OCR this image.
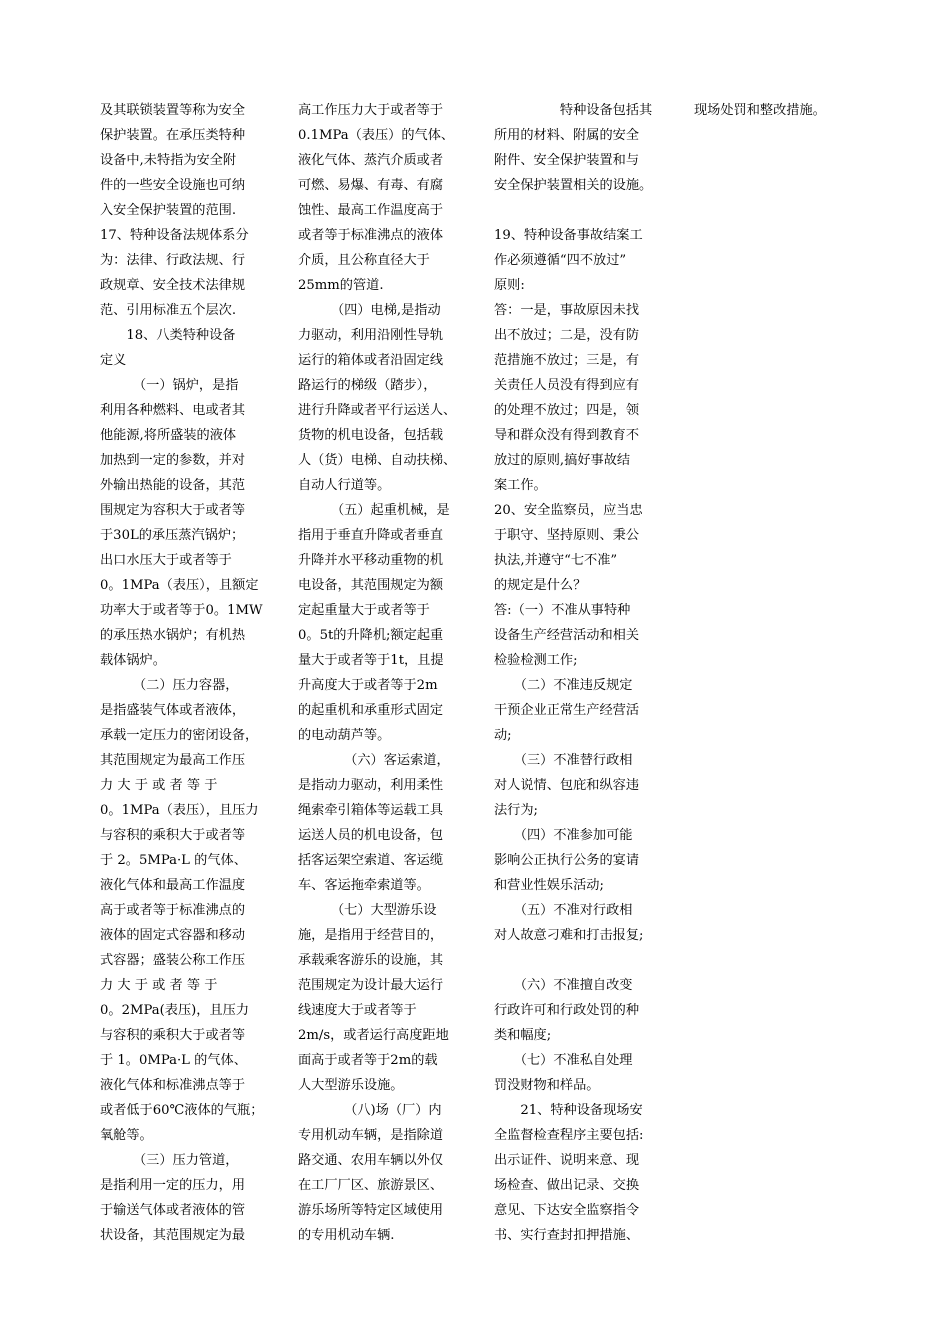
及其联锁装置等称为安全

保护装置。在承压类特种

设备中,未特指为安全附

件的一些安全设施也可纳

入安全保护装置的范围.

17、特种设备法规体系分

为：法律、行政法规、行

政规章、安全技术法律规

范、引用标准五个层次.

　　18、八类特种设备

定义

　　　（一）锅炉，是指

利用各种燃料、电或者其

他能源,将所盛装的液体

加热到一定的参数，并对

外输出热能的设备，其范

围规定为容积大于或者等

于30L的承压蒸汽锅炉；

出口水压大于或者等于

0。1MPa（表压），且额定

功率大于或者等于0。1MW

的承压热水锅炉；有机热

载体锅炉。

　　　（二）压力容器，

是指盛装气体或者液体，

承载一定压力的密闭设备，

其范围规定为最高工作压

力 大 于 或 者 等 于

0。1MPa（表压），且压力

与容积的乘积大于或者等

于 2。5MPa·L 的气体、

液化气体和最高工作温度

高于或者等于标准沸点的

液体的固定式容器和移动

式容器；盛装公称工作压

力 大 于 或 者 等 于

0。2MPa(表压)，且压力

与容积的乘积大于或者等

于 1。0MPa·L 的气体、

液化气体和标准沸点等于

或者低于60℃液体的气瓶；

氧舱等。

　　　（三）压力管道，

是指利用一定的压力，用

于输送气体或者液体的管

状设备，其范围规定为最

高工作压力大于或者等于

0.1MPa（表压）的气体、

液化气体、蒸汽介质或者

可燃、易爆、有毒、有腐

蚀性、最高工作温度高于

或者等于标准沸点的液体

介质，且公称直径大于

25mm的管道.

　　　（四）电梯,是指动

力驱动，利用沿刚性导轨

运行的箱体或者沿固定线

路运行的梯级（踏步），

进行升降或者平行运送人、

货物的机电设备，包括载

人（货）电梯、自动扶梯、

自动人行道等。

　　　（五）起重机械，是

指用于垂直升降或者垂直

升降并水平移动重物的机

电设备，其范围规定为额

定起重量大于或者等于

0。5t的升降机;额定起重

量大于或者等于1t，且提

升高度大于或者等于2m

的起重机和承重形式固定

的电动葫芦等。

　　　　（六）客运索道，

是指动力驱动，利用柔性

绳索牵引箱体等运载工具

运送人员的机电设备，包

括客运架空索道、客运缆

车、客运拖牵索道等。

　　　（七）大型游乐设

施，是指用于经营目的，

承载乘客游乐的设施，其

范围规定为设计最大运行

线速度大于或者等于

2m/s，或者运行高度距地

面高于或者等于2m的载

人大型游乐设施。

　　　　（八)场（厂）内

专用机动车辆，是指除道

路交通、农用车辆以外仅

在工厂厂区、旅游景区、

游乐场所等特定区域使用

的专用机动车辆.

　　　　　特种设备包括其

所用的材料、附属的安全

附件、安全保护装置和与

安全保护装置相关的设施。

19、特种设备事故结案工

作必须遵循“四不放过”

原则:

答：一是，事故原因未找

出不放过；二是，没有防

范措施不放过；三是，有

关责任人员没有得到应有

的处理不放过；四是，领

导和群众没有得到教育不

放过的原则,搞好事故结

案工作。

20、安全监察员，应当忠

于职守、坚持原则、秉公

执法,并遵守“七不准”

的规定是什么？

答:（一）不准从事特种

设备生产经营活动和相关

检验检测工作;

　　（二）不准违反规定

干预企业正常生产经营活

动;

　　（三）不准替行政相

对人说情、包庇和纵容违

法行为;

　　（四）不准参加可能

影响公正执行公务的宴请

和营业性娱乐活动;

　　（五）不准对行政相

对人故意刁难和打击报复;

　　（六）不准擅自改变

行政许可和行政处罚的种

类和幅度;

　　（七）不准私自处理

罚没财物和样品。

　　21、特种设备现场安

全监督检查程序主要包括:

出示证件、说明来意、现

场检查、做出记录、交换

意见、下达安全监察指令

书、实行查封扣押措施、

现场处罚和整改措施。
